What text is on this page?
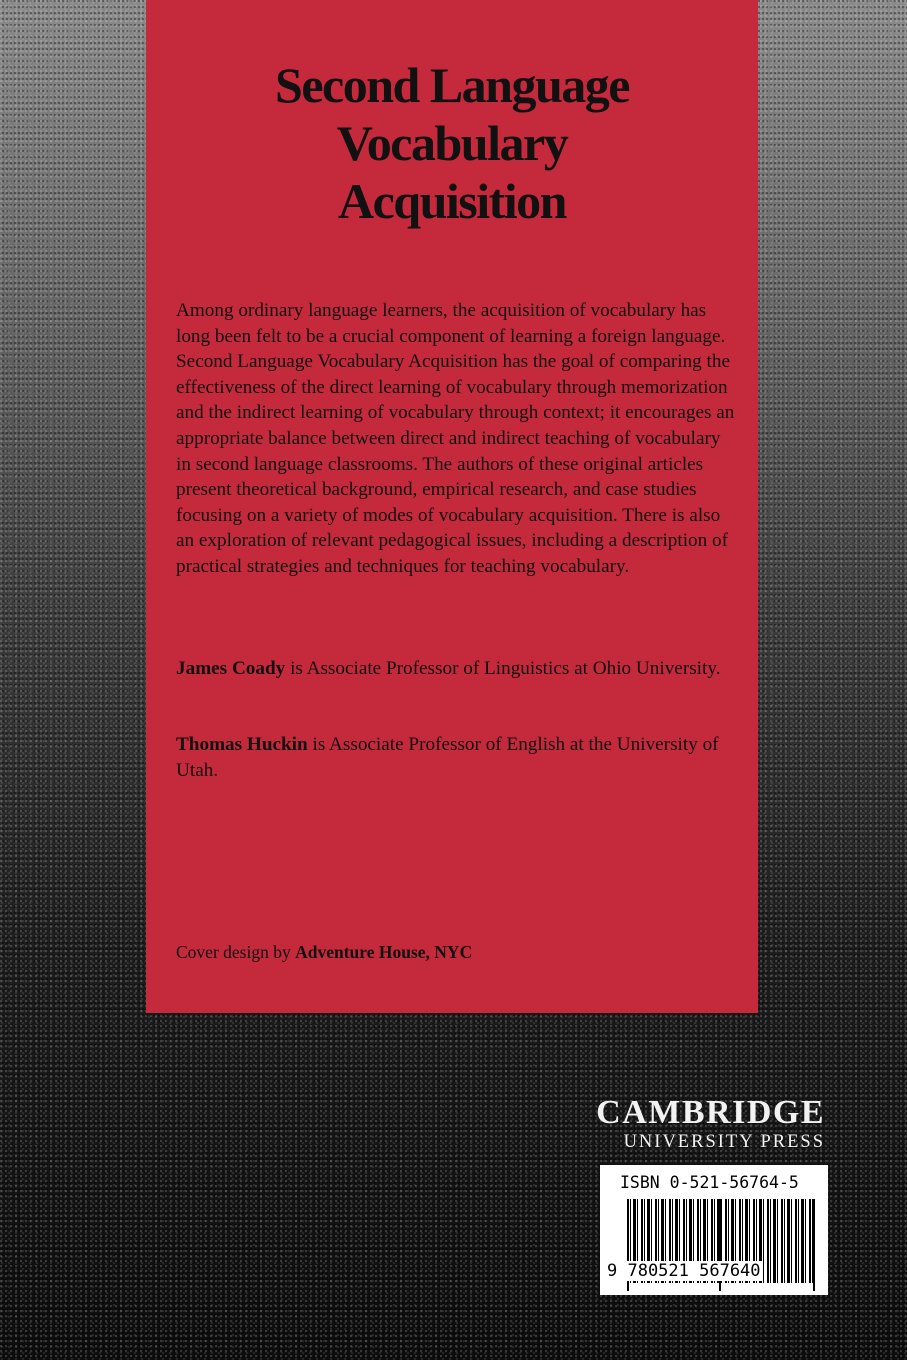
Second Language
Vocabulary
Acquisition

Among ordinary language learners, the acquisition of vocabulary has long been felt to be a crucial component of learning a foreign language. Second Language Vocabulary Acquisition has the goal of comparing the effectiveness of the direct learning of vocabulary through memorization and the indirect learning of vocabulary through context; it encourages an appropriate balance between direct and indirect teaching of vocabulary in second language classrooms. The authors of these original articles present theoretical background, empirical research, and case studies focusing on a variety of modes of vocabulary acquisition. There is also an exploration of relevant pedagogical issues, including a description of practical strategies and techniques for teaching vocabulary.

James Coady is Associate Professor of Linguistics at Ohio University.

Thomas Huckin is Associate Professor of English at the University of Utah.

Cover design by Adventure House, NYC

CAMBRIDGE
UNIVERSITY PRESS

ISBN 0-521-56764-5

9 780521 567640
